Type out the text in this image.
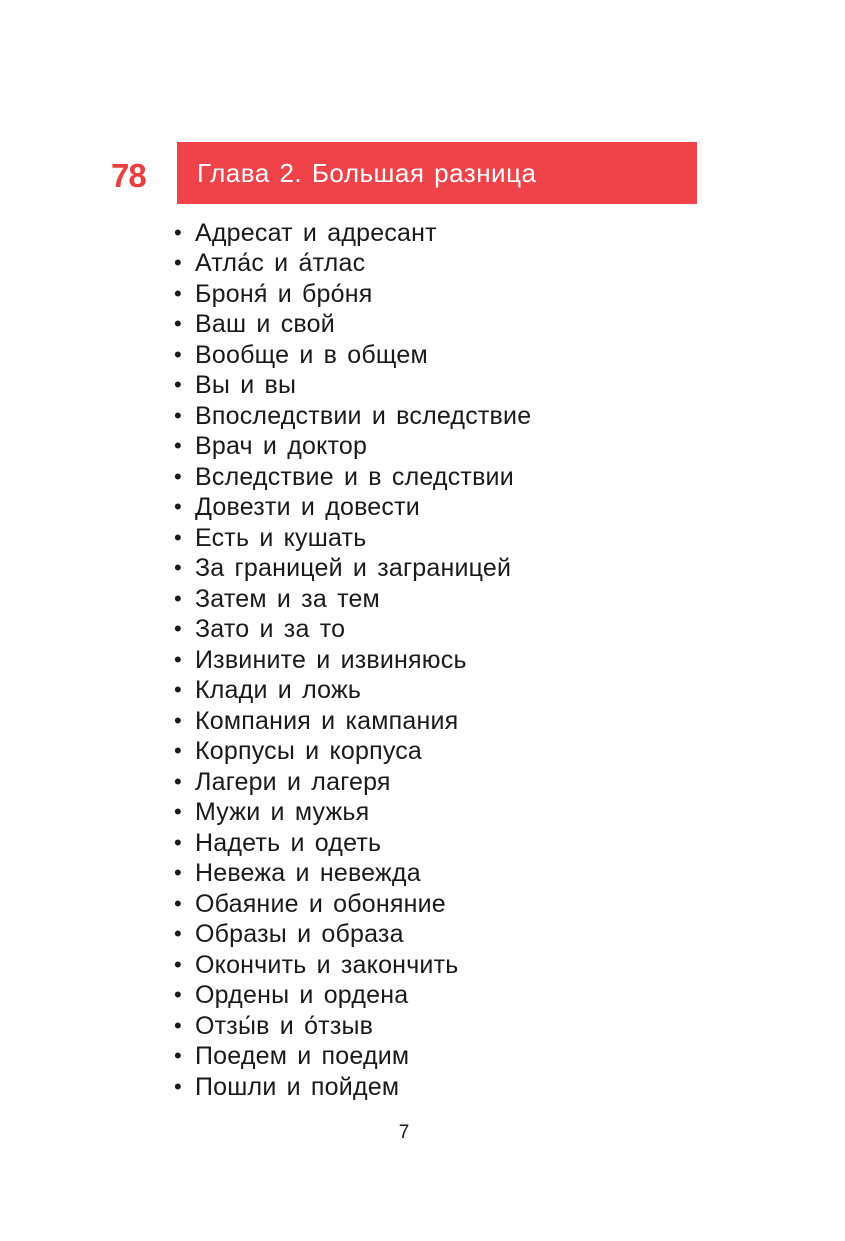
78 Глава 2. Большая разница
• Адресат и адресант
• Атла́с и а́тлас
• Броня́ и бро́ня
• Ваш и свой
• Вообще и в общем
• Вы и вы
• Впоследствии и вследствие
• Врач и доктор
• Вследствие и в следствии
• Довезти и довести
• Есть и кушать
• За границей и заграницей
• Затем и за тем
• Зато и за то
• Извините и извиняюсь
• Клади и ложь
• Компания и кампания
• Корпусы и корпуса
• Лагери и лагеря
• Мужи и мужья
• Надеть и одеть
• Невежа и невежда
• Обаяние и обоняние
• Образы и образа
• Окончить и закончить
• Ордены и ордена
• Отзы́в и о́тзыв
• Поедем и поедим
• Пошли и пойдем
7
